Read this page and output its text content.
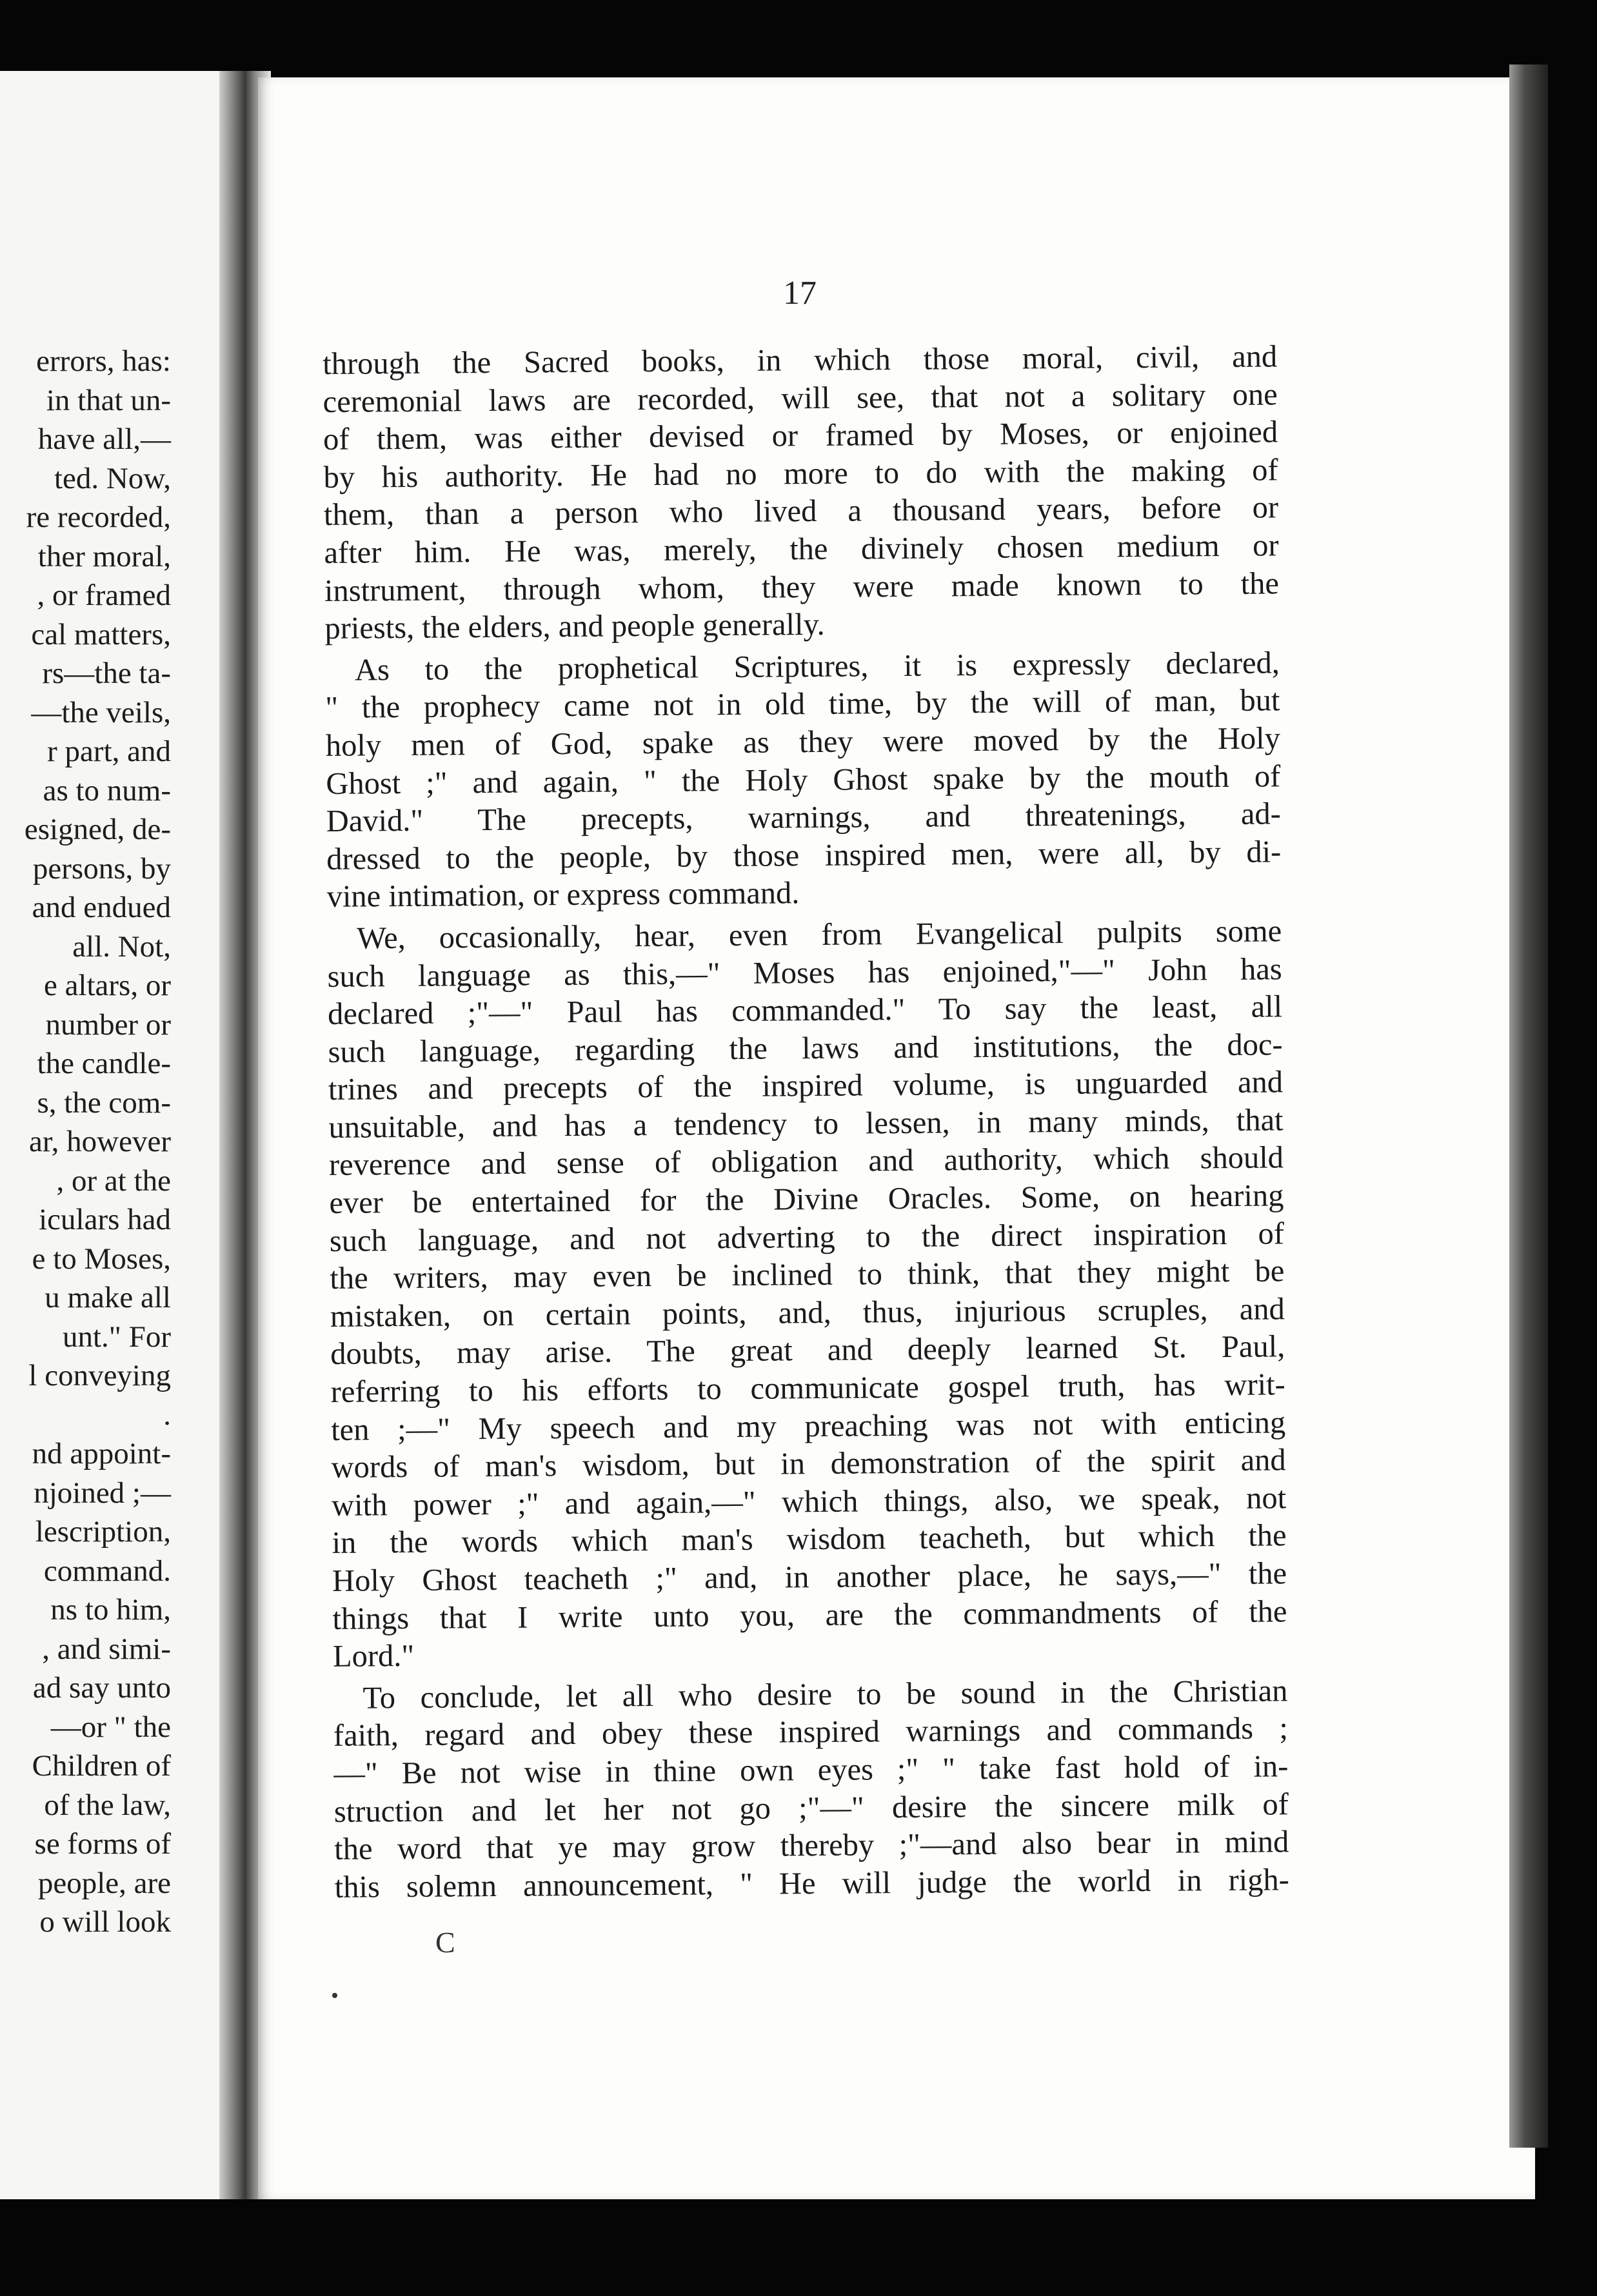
errors, has:
in that un-
have all,—
ted. Now,
re recorded,
ther moral,
, or framed
cal matters,
rs—the ta-
—the veils,
r part, and
as to num-
esigned, de-
persons, by
and endued
all. Not,
e altars, or
number or
the candle-
s, the com-
ar, however
, or at the
iculars had
e to Moses,
u make all
unt." For
l conveying
.
nd appoint-
njoined ;—
lescription,
command.
ns to him,
, and simi-
ad say unto
—or " the
Children of
of the law,
se forms of
people, are
o will look
17
through the Sacred books, in which those moral, civil, and
ceremonial laws are recorded, will see, that not a solitary one
of them, was either devised or framed by Moses, or enjoined
by his authority. He had no more to do with the making of
them, than a person who lived a thousand years, before or
after him. He was, merely, the divinely chosen medium or
instrument, through whom, they were made known to the
priests, the elders, and people generally.
As to the prophetical Scriptures, it is expressly declared,
" the prophecy came not in old time, by the will of man, but
holy men of God, spake as they were moved by the Holy
Ghost ;" and again, " the Holy Ghost spake by the mouth of
David." The precepts, warnings, and threatenings, ad-
dressed to the people, by those inspired men, were all, by di-
vine intimation, or express command.
We, occasionally, hear, even from Evangelical pulpits some
such language as this,—" Moses has enjoined,"—" John has
declared ;"—" Paul has commanded." To say the least, all
such language, regarding the laws and institutions, the doc-
trines and precepts of the inspired volume, is unguarded and
unsuitable, and has a tendency to lessen, in many minds, that
reverence and sense of obligation and authority, which should
ever be entertained for the Divine Oracles. Some, on hearing
such language, and not adverting to the direct inspiration of
the writers, may even be inclined to think, that they might be
mistaken, on certain points, and, thus, injurious scruples, and
doubts, may arise. The great and deeply learned St. Paul,
referring to his efforts to communicate gospel truth, has writ-
ten ;—" My speech and my preaching was not with enticing
words of man's wisdom, but in demonstration of the spirit and
with power ;" and again,—" which things, also, we speak, not
in the words which man's wisdom teacheth, but which the
Holy Ghost teacheth ;" and, in another place, he says,—" the
things that I write unto you, are the commandments of the
Lord."
To conclude, let all who desire to be sound in the Christian
faith, regard and obey these inspired warnings and commands ;
—" Be not wise in thine own eyes ;" " take fast hold of in-
struction and let her not go ;"—" desire the sincere milk of
the word that ye may grow thereby ;"—and also bear in mind
this solemn announcement, " He will judge the world in righ-
C
